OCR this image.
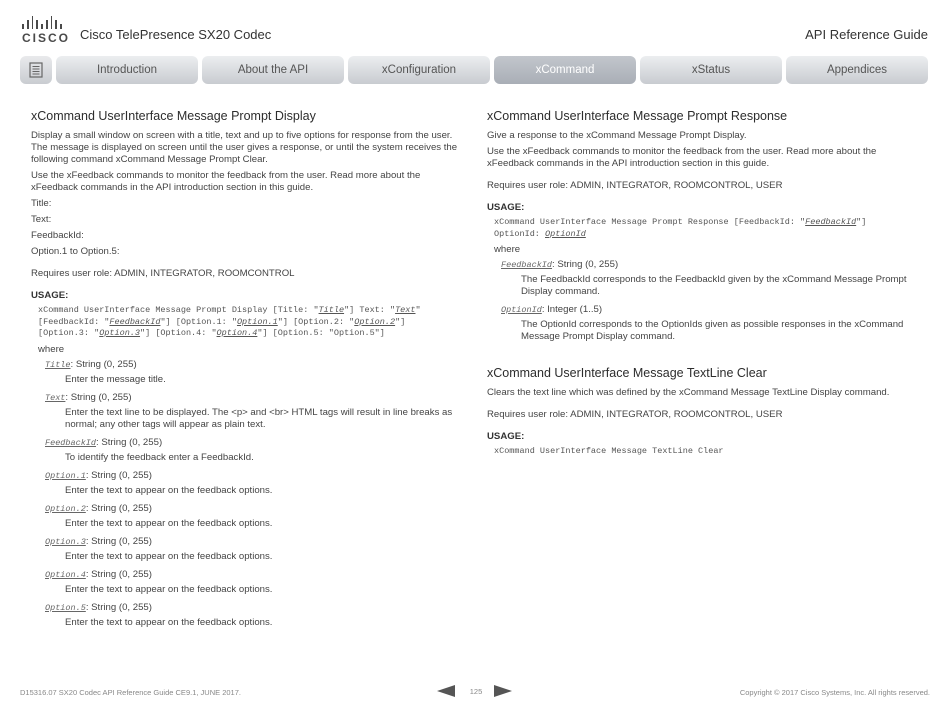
CISCO Cisco TelePresence SX20 Codec	API Reference Guide
Introduction	About the API	xConfiguration	xCommand	xStatus	Appendices
xCommand UserInterface Message Prompt Display

Display a small window on screen with a title, text and up to five options for response from the user. The message is displayed on screen until the user gives a response, or until the system receives the following command xCommand Message Prompt Clear.

Use the xFeedback commands to monitor the feedback from the user. Read more about the xFeedback commands in the API introduction section in this guide.

Title:

Text:

FeedbackId:

Option.1 to Option.5:

Requires user role: ADMIN, INTEGRATOR, ROOMCONTROL

USAGE:
xCommand UserInterface Message Prompt Display [Title: "Title"] Text: "Text" [FeedbackId: "FeedbackId"] [Option.1: "Option.1"] [Option.2: "Option.2"] [Option.3: "Option.3"] [Option.4: "Option.4"] [Option.5: "Option.5"]
where
Title: String (0, 255)
Enter the message title.
Text: String (0, 255)
Enter the text line to be displayed. The <p> and <br> HTML tags will result in line breaks as normal; any other tags will appear as plain text.
FeedbackId: String (0, 255)
To identify the feedback enter a FeedbackId.
Option.1: String (0, 255)
Enter the text to appear on the feedback options.
Option.2: String (0, 255)
Enter the text to appear on the feedback options.
Option.3: String (0, 255)
Enter the text to appear on the feedback options.
Option.4: String (0, 255)
Enter the text to appear on the feedback options.
Option.5: String (0, 255)
Enter the text to appear on the feedback options.
xCommand UserInterface Message Prompt Response

Give a response to the xCommand Message Prompt Display.

Use the xFeedback commands to monitor the feedback from the user. Read more about the xFeedback commands in the API introduction section in this guide.

Requires user role: ADMIN, INTEGRATOR, ROOMCONTROL, USER

USAGE:
xCommand UserInterface Message Prompt Response [FeedbackId: "FeedbackId"] OptionId: OptionId
where
FeedbackId: String (0, 255)
The FeedbackId corresponds to the FeedbackId given by the xCommand Message Prompt Display command.
OptionId: Integer (1..5)
The OptionId corresponds to the OptionIds given as possible responses in the xCommand Message Prompt Display command.
xCommand UserInterface Message TextLine Clear

Clears the text line which was defined by the xCommand Message TextLine Display command.

Requires user role: ADMIN, INTEGRATOR, ROOMCONTROL, USER

USAGE:
xCommand UserInterface Message TextLine Clear
D15316.07 SX20 Codec API Reference Guide CE9.1, JUNE 2017.	125	Copyright © 2017 Cisco Systems, Inc. All rights reserved.
